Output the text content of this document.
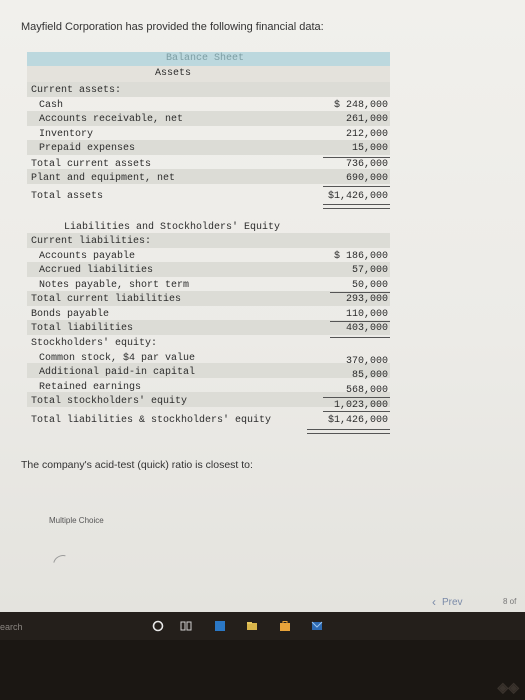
Mayfield Corporation has provided the following financial data:
Balance Sheet
Assets
Current assets:
Cash	$ 248,000
Accounts receivable, net	261,000
Inventory	212,000
Prepaid expenses	15,000
Total current assets	736,000
Plant and equipment, net	690,000
Total assets	$1,426,000
Liabilities and Stockholders' Equity
Current liabilities:
Accounts payable	$ 186,000
Accrued liabilities	57,000
Notes payable, short term	50,000
Total current liabilities	293,000
Bonds payable	110,000
Total liabilities	403,000
Stockholders' equity:
Common stock, $4 par value	370,000
Additional paid-in capital	85,000
Retained earnings	568,000
Total stockholders' equity	1,023,000
Total liabilities & stockholders' equity	$1,426,000
The company's acid-test (quick) ratio is closest to:
Multiple Choice
‹ Prev	8 of
earch
◈◈
